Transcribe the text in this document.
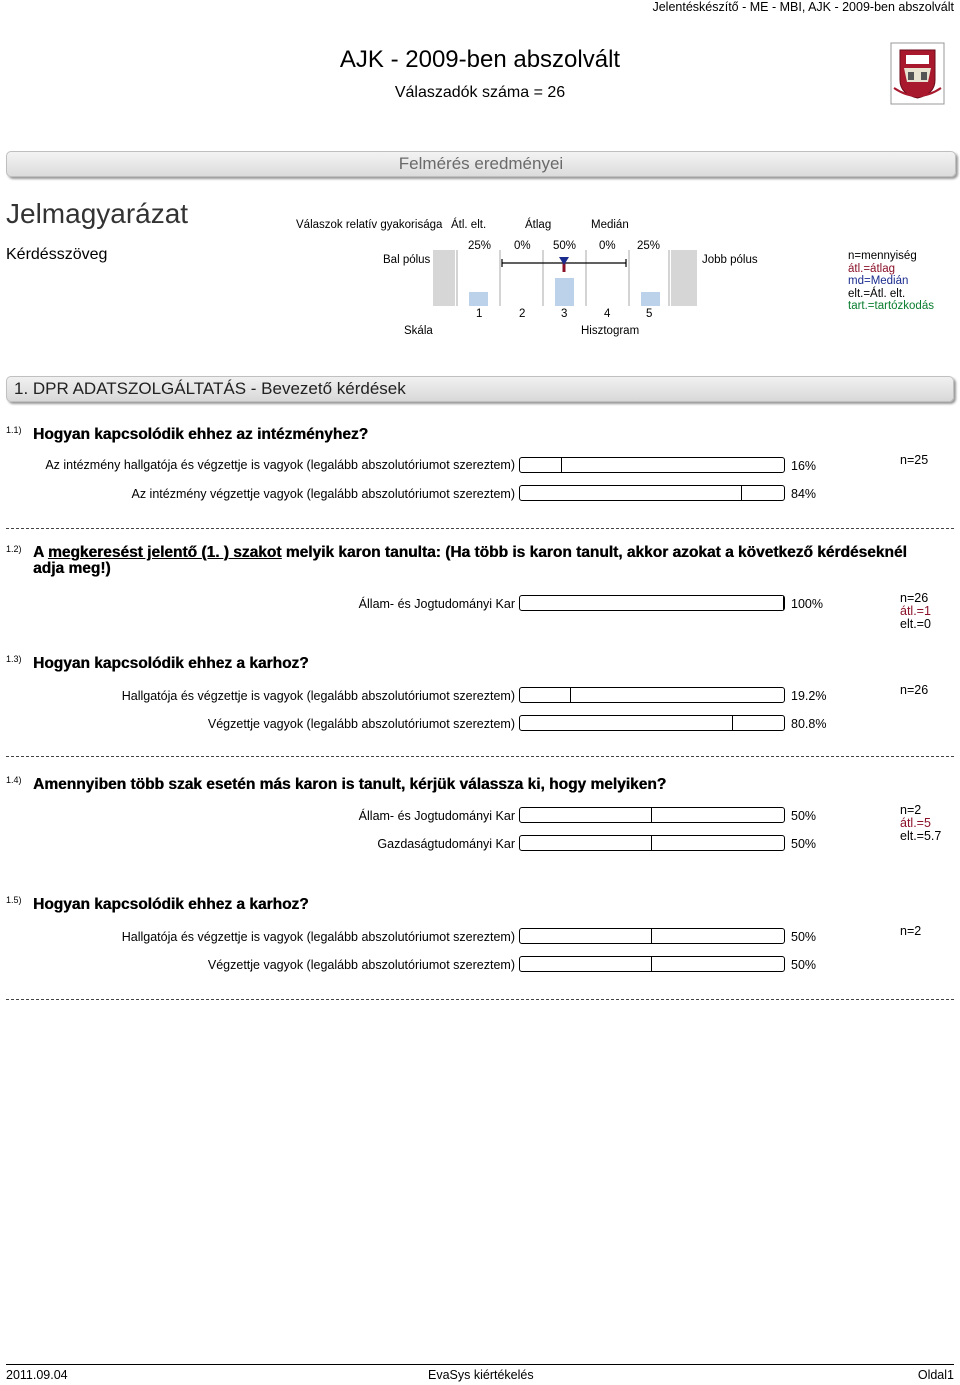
Jelentéskészítő - ME - MBI, AJK - 2009-ben abszolvált
AJK - 2009-ben abszolvált
Válaszadók száma = 26
Felmérés eredményei
Jelmagyarázat
Kérdésszöveg
Válaszok relatív gyakorisága Átl. elt.	Átlag	Medián
25% 0% 50% 0% 25%
Bal pólus	Jobb pólus
1	2	3	4	5
Skála	Hisztogram
n=mennyiség
átl.=átlag
md=Medián
elt.=Átl. elt.
tart.=tartózkodás
1. DPR ADATSZOLGÁLTATÁS - Bevezető kérdések
1.1) Hogyan kapcsolódik ehhez az intézményhez?
Az intézmény hallgatója és végzettje is vagyok (legalább abszolutóriumot szereztem)	16%
Az intézmény végzettje vagyok (legalább abszolutóriumot szereztem)	84%
n=25
1.2) A megkeresést jelentő (1. ) szakot melyik karon tanulta: (Ha több is karon tanult, akkor azokat a következő kérdéseknél adja meg!)
Állam- és Jogtudományi Kar	100%	n=26
átl.=1
elt.=0
1.3) Hogyan kapcsolódik ehhez a karhoz?
Hallgatója és végzettje is vagyok (legalább abszolutóriumot szereztem)	19.2%
Végzettje vagyok (legalább abszolutóriumot szereztem)	80.8%
n=26
1.4) Amennyiben több szak esetén más karon is tanult, kérjük válassza ki, hogy melyiken?
Állam- és Jogtudományi Kar	50%
Gazdaságtudományi Kar	50%
n=2
átl.=5
elt.=5.7
1.5) Hogyan kapcsolódik ehhez a karhoz?
Hallgatója és végzettje is vagyok (legalább abszolutóriumot szereztem)	50%
Végzettje vagyok (legalább abszolutóriumot szereztem)	50%
n=2
2011.09.04	EvaSys kiértékelés	Oldal1
